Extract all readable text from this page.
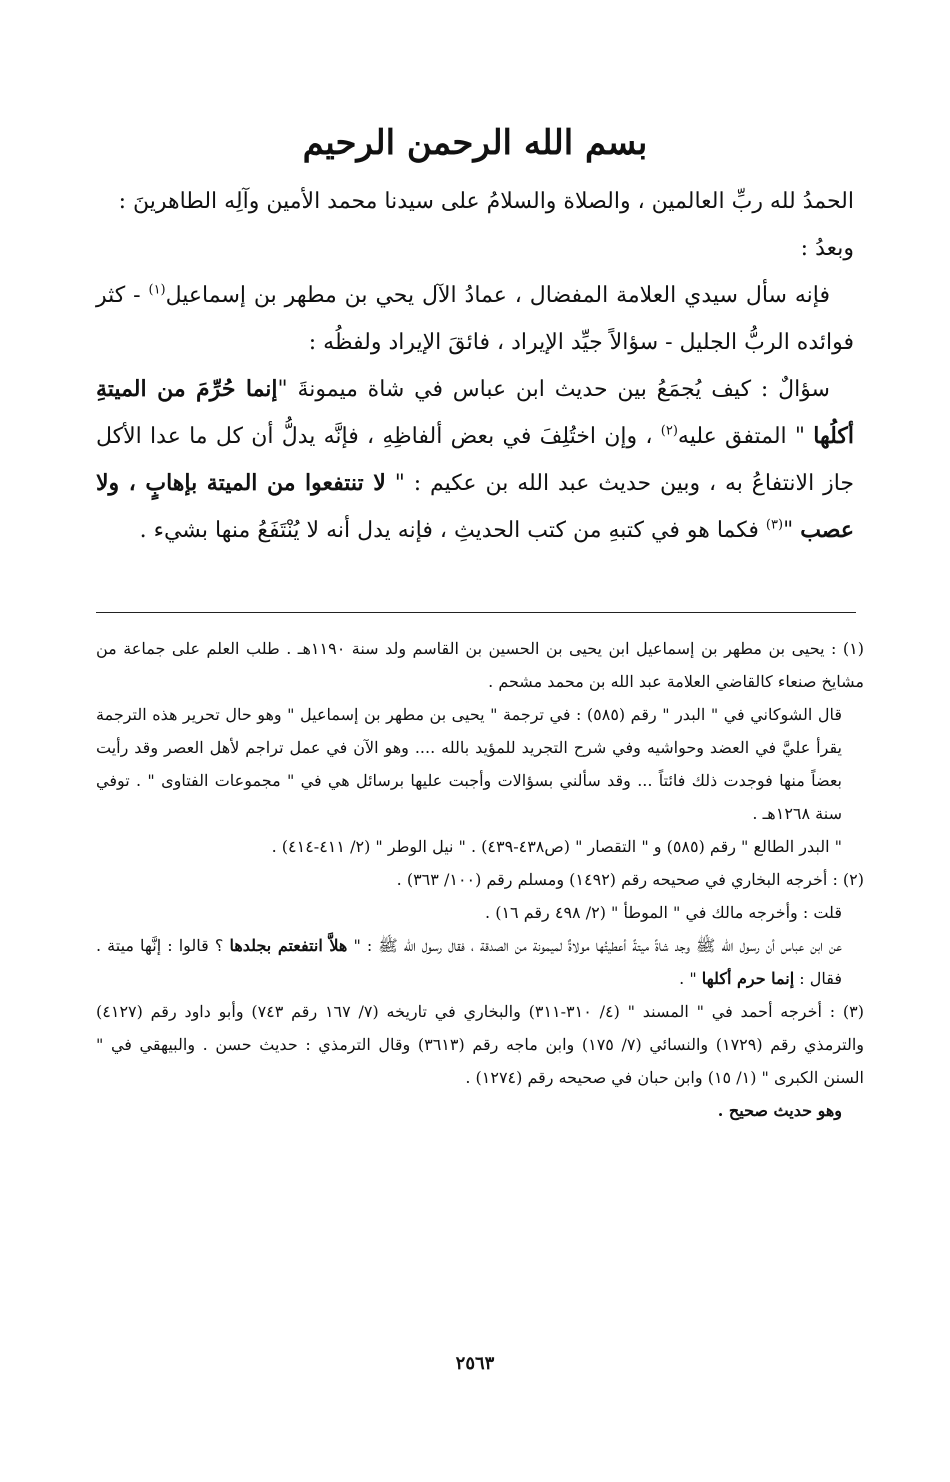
بسم الله الرحمن الرحيم

الحمدُ لله ربِّ العالمين ، والصلاة والسلامُ على سيدنا محمد الأمين وآلِه الطاهرينَ :

وبعدُ :

فإنه سأل سيدي العلامة المفضال ، عمادُ الآل يحي بن مطهر بن إسماعيل$^{(١)}$ - كثر فوائده الربُّ الجليل - سؤالاً جيِّد الإيراد ، فائقَ الإيراد ولفظُه :

سؤالٌ : كيف يُجمَعُ بين حديث ابن عباس في شاة ميمونةَ "إنما حُرِّمَ من الميتةِ أكلُها " المتفق عليه$^{(٢)}$ ، وإن اختُلِفَ في بعض ألفاظِهِ ، فإنَّه يدلُّ أن كل ما عدا الأكل جاز الانتفاعُ به ، وبين حديث عبد الله بن عكيم : " لا تنتفعوا من الميتة بإهابٍ ، ولا عصب "$^{(٣)}$ فكما هو في كتبهِ من كتب الحديثِ ، فإنه يدل أنه لا يُنْتَفَعُ منها بشيء .

(١) : يحيى بن مطهر بن إسماعيل ابن يحيى بن الحسين بن القاسم ولد سنة ١١٩٠هـ . طلب العلم على جماعة من مشايخ صنعاء كالقاضي العلامة عبد الله بن محمد مشحم .

قال الشوكاني في " البدر " رقم (٥٨٥) : في ترجمة " يحيى بن مطهر بن إسماعيل " وهو حال تحرير هذه الترجمة يقرأ عليَّ في العضد وحواشيه وفي شرح التجريد للمؤيد بالله .... وهو الآن في عمل تراجم لأهل العصر وقد رأيت بعضاً منها فوجدت ذلك فائتاً ... وقد سألني بسؤالات وأجبت عليها برسائل هي في " مجموعات الفتاوى " . توفي سنة ١٢٦٨هـ .

" البدر الطالع " رقم (٥٨٥) و " التقصار " (ص٤٣٨-٤٣٩) . " نيل الوطر " (٢/ ٤١١-٤١٤) .

(٢) : أخرجه البخاري في صحيحه رقم (١٤٩٢) ومسلم رقم (١٠٠/ ٣٦٣) .

قلت : وأخرجه مالك في " الموطأ " (٢/ ٤٩٨ رقم ١٦) .

عن ابن عباس أن رسول الله ﷺ وجد شاةً ميتةً أعطيتُها مولاةٌ لميمونة من الصدقة ، فقال رسول الله ﷺ : " هلاَّ انتفعتم بجلدها ؟ قالوا : إنَّها ميتة . فقال : إنما حرم أكلها " .

(٣) : أخرجه أحمد في " المسند " (٤/ ٣١٠-٣١١) والبخاري في تاريخه (٧/ ١٦٧ رقم ٧٤٣) وأبو داود رقم (٤١٢٧) والترمذي رقم (١٧٢٩) والنسائي (٧/ ١٧٥) وابن ماجه رقم (٣٦١٣) وقال الترمذي : حديث حسن . والبيهقي في " السنن الكبرى " (١/ ١٥) وابن حبان في صحيحه رقم (١٢٧٤) .

وهو حديث صحيح .

٢٥٦٣
